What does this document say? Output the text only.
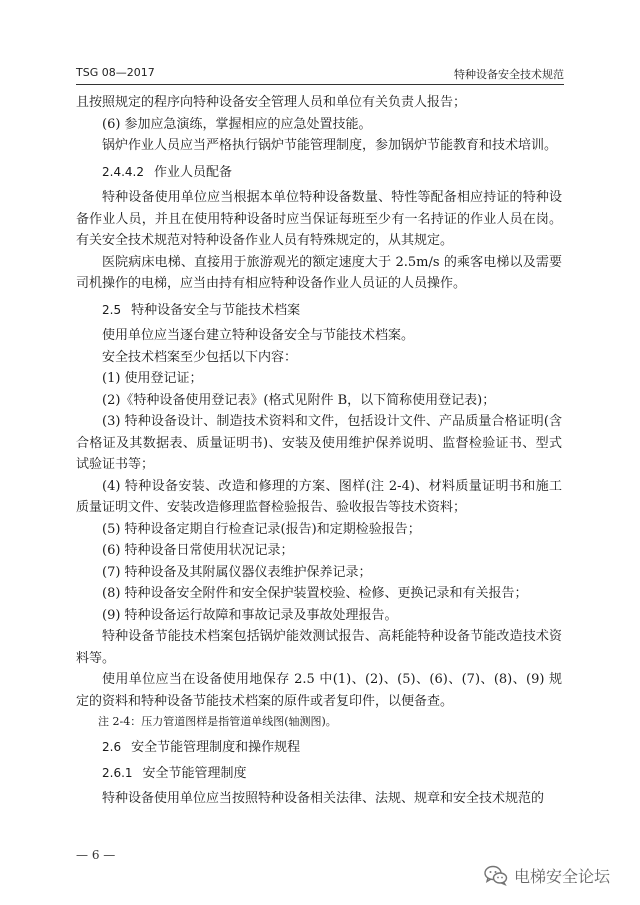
TSG 08—2017	特种设备安全技术规范

且按照规定的程序向特种设备安全管理人员和单位有关负责人报告；

(6) 参加应急演练，掌握相应的应急处置技能。

锅炉作业人员应当严格执行锅炉节能管理制度，参加锅炉节能教育和技术培训。

2.4.4.2 作业人员配备

特种设备使用单位应当根据本单位特种设备数量、特性等配备相应持证的特种设备作业人员，并且在使用特种设备时应当保证每班至少有一名持证的作业人员在岗。有关安全技术规范对特种设备作业人员有特殊规定的，从其规定。

医院病床电梯、直接用于旅游观光的额定速度大于 2.5m/s 的乘客电梯以及需要司机操作的电梯，应当由持有相应特种设备作业人员证的人员操作。

2.5 特种设备安全与节能技术档案

使用单位应当逐台建立特种设备安全与节能技术档案。

安全技术档案至少包括以下内容：

(1) 使用登记证；

(2)《特种设备使用登记表》(格式见附件 B，以下简称使用登记表)；

(3) 特种设备设计、制造技术资料和文件，包括设计文件、产品质量合格证明(含合格证及其数据表、质量证明书)、安装及使用维护保养说明、监督检验证书、型式试验证书等；

(4) 特种设备安装、改造和修理的方案、图样(注 2-4)、材料质量证明书和施工质量证明文件、安装改造修理监督检验报告、验收报告等技术资料；

(5) 特种设备定期自行检查记录(报告)和定期检验报告；

(6) 特种设备日常使用状况记录；

(7) 特种设备及其附属仪器仪表维护保养记录；

(8) 特种设备安全附件和安全保护装置校验、检修、更换记录和有关报告；

(9) 特种设备运行故障和事故记录及事故处理报告。

特种设备节能技术档案包括锅炉能效测试报告、高耗能特种设备节能改造技术资料等。

使用单位应当在设备使用地保存 2.5 中(1)、(2)、(5)、(6)、(7)、(8)、(9) 规定的资料和特种设备节能技术档案的原件或者复印件，以便备查。

注 2-4：压力管道图样是指管道单线图(轴测图)。

2.6 安全节能管理制度和操作规程

2.6.1 安全节能管理制度

特种设备使用单位应当按照特种设备相关法律、法规、规章和安全技术规范的

— 6 —
电梯安全论坛
